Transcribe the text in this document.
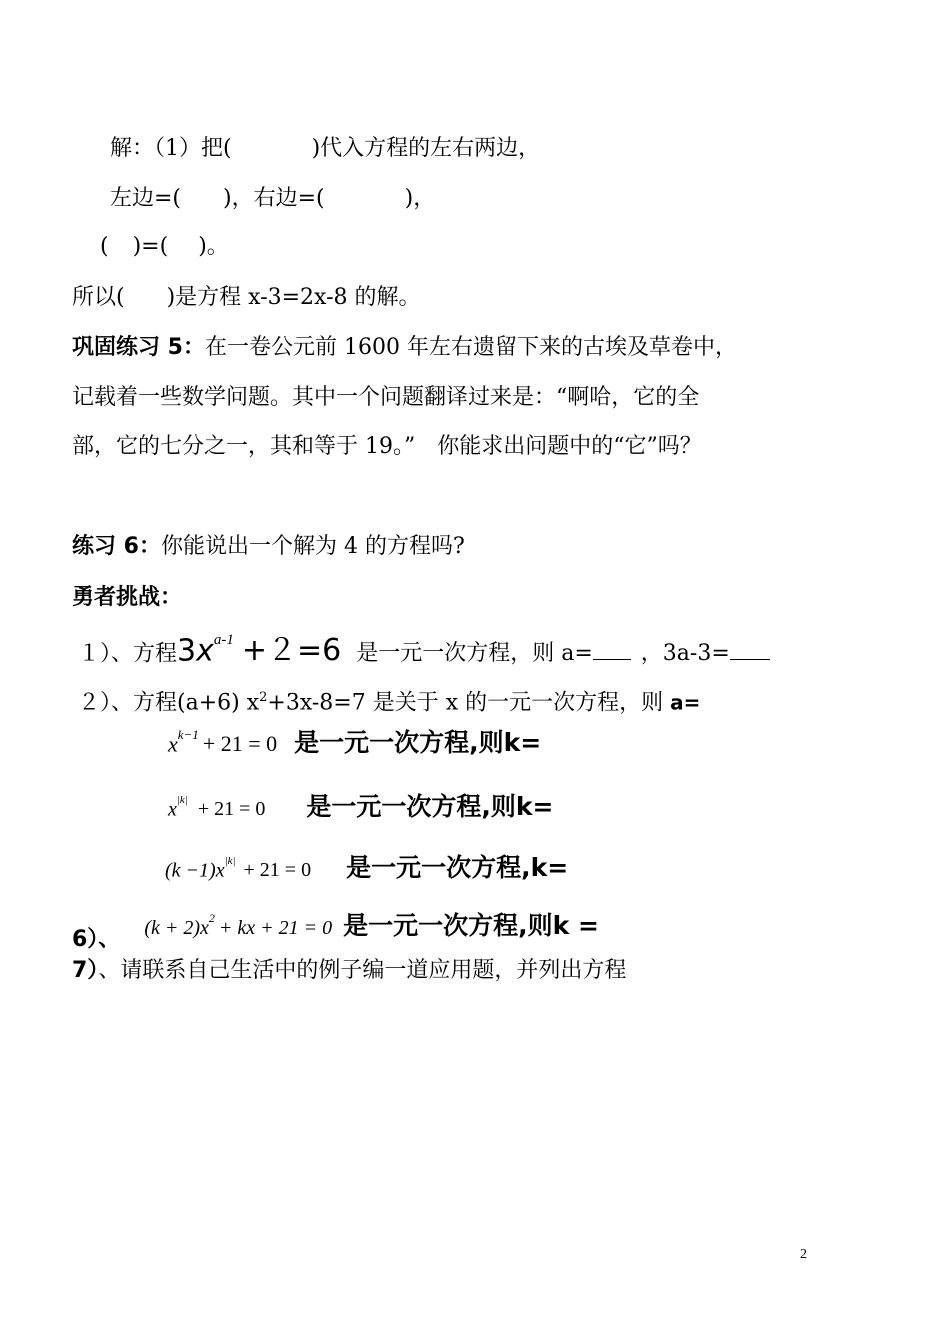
解：（1）把(	)代入方程的左右两边，
左边=( )，右边=(	)，
( )=( )。
所以( )是方程 x-3=2x-8 的解。
巩固练习 5：在一卷公元前 1600 年左右遗留下来的古埃及草卷中，
记载着一些数学问题。其中一个问题翻译过来是：“啊哈，它的全
部，它的七分之一，其和等于 19。”　你能求出问题中的“它”吗？
练习 6：你能说出一个解为 4 的方程吗?
勇者挑战：
１）、方程$3x^{a-1} +2=6$ 是一元一次方程，则 a= ，3a-3=
２）、方程(a+6) $x^2+3x-8=7$ 是关于 x 的一元一次方程，则 a=
$x^{k-1} + 21 = 0$ 是一元一次方程,则k=
$x^{|k|} + 21 = 0$ 是一元一次方程,则k=
$(k -1)x^{|k|} + 21 = 0$ 是一元一次方程,k=
6）、 $(k + 2)x^2$ + kx + 21 = 0 是一元一次方程,则k =
7）、请联系自己生活中的例子编一道应用题，并列出方程
2
